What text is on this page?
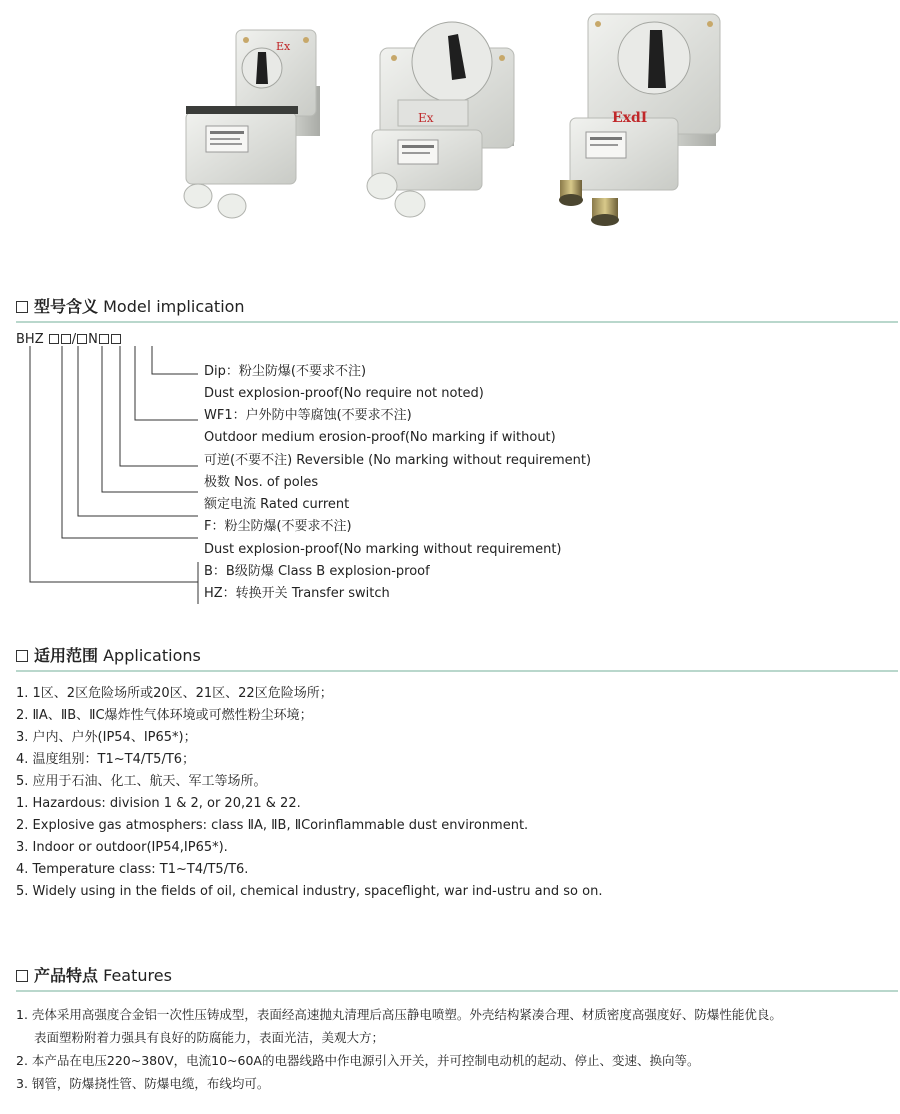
Ex
Ex	ExdI
型号含义 Model implication
BHZ / N
Dip：粉尘防爆(不要求不注)
Dust explosion-proof(No require not noted)
WF1：户外防中等腐蚀(不要求不注)
Outdoor medium erosion-proof(No marking if without)
可逆(不要不注) Reversible (No marking without requirement)
极数 Nos. of poles
额定电流 Rated current
F：粉尘防爆(不要求不注)
Dust explosion-proof(No marking without requirement)
B：B级防爆 Class B explosion-proof
HZ：转换开关 Transfer switch
适用范围 Applications
1. 1区、2区危险场所或20区、21区、22区危险场所；
2. ⅡA、ⅡB、ⅡC爆炸性气体环境或可燃性粉尘环境；
3. 户内、户外(IP54、IP65*)；
4. 温度组别：T1~T4/T5/T6；
5. 应用于石油、化工、航天、军工等场所。
1. Hazardous: division 1 & 2, or 20,21 & 22.
2. Explosive gas atmosphers: class ⅡA, ⅡB, ⅡCorinflammable dust environment.
3. Indoor or outdoor(IP54,IP65*).
4. Temperature class: T1~T4/T5/T6.
5. Widely using in the fields of oil, chemical industry, spaceflight, war ind-ustru and so on.
产品特点 Features
1. 壳体采用高强度合金铝一次性压铸成型，表面经高速抛丸清理后高压静电喷塑。外壳结构紧凑合理、材质密度高强度好、防爆性能优良。
表面塑粉附着力强具有良好的防腐能力，表面光洁，美观大方；
2. 本产品在电压220~380V，电流10~60A的电器线路中作电源引入开关，并可控制电动机的起动、停止、变速、换向等。
3. 钢管，防爆挠性管、防爆电缆，布线均可。
